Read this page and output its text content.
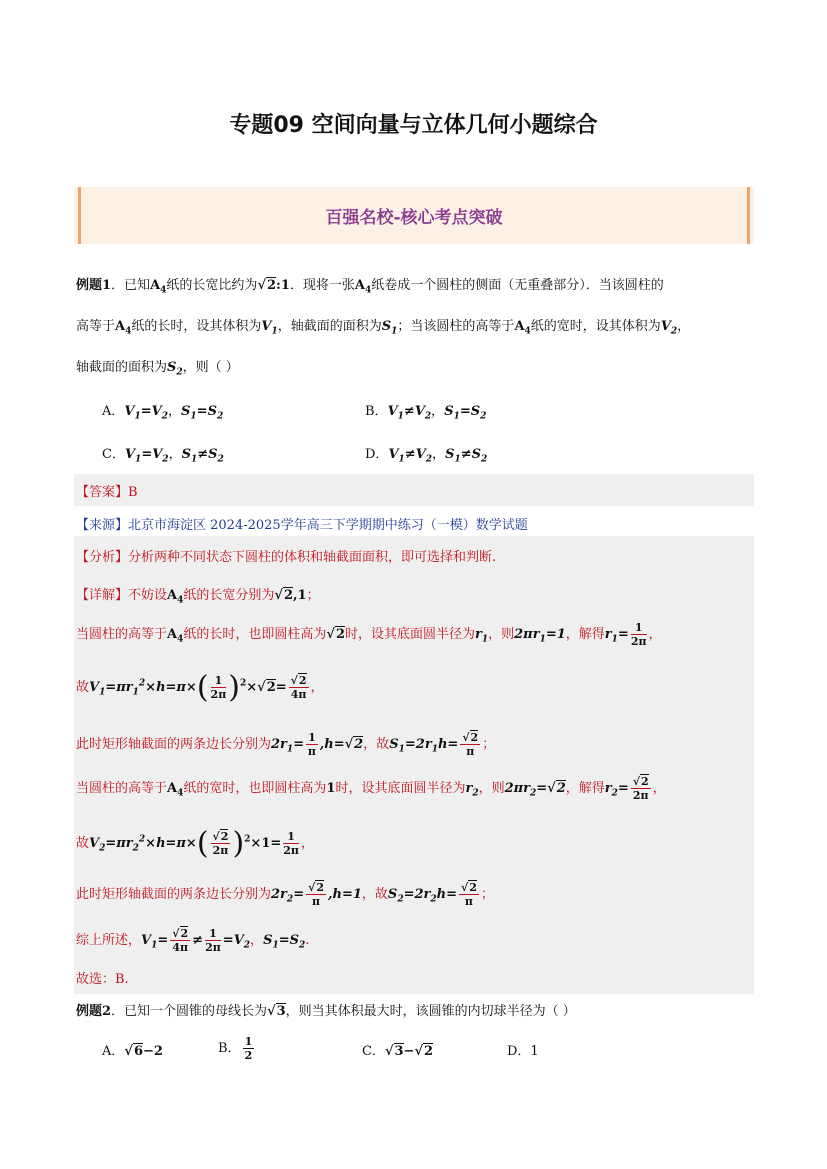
专题09 空间向量与立体几何小题综合
百强名校-核心考点突破
例题1．已知$A_4$纸的长宽比约为√2:1．现将一张$A_4$纸卷成一个圆柱的侧面（无重叠部分）．当该圆柱的
高等于$A_4$纸的长时，设其体积为$V_1$，轴截面的面积为$S_1$；当该圆柱的高等于$A_4$纸的宽时，设其体积为$V_2$，
轴截面的面积为$S_2$，则（ ）
A．$V_1=V_2$，$S_1=S_2$	B．$V_1\ne V_2$，$S_1=S_2$
C．$V_1=V_2$，$S_1\ne S_2$	D．$V_1\ne V_2$，$S_1\ne S_2$
【答案】B
【来源】北京市海淀区 2024-2025学年高三下学期期中练习（一模）数学试题
【分析】分析两种不同状态下圆柱的体积和轴截面面积，即可选择和判断.
【详解】不妨设$A_4$纸的长宽分别为√2,1；
当圆柱的高等于$A_4$纸的长时，也即圆柱高为√2时，设其底面圆半径为$r_1$，则$2\pi r_1=1$，解得$r_1= \frac{1}{2\pi}$ ，
故$V_1=\pi r_1^2\times h=\pi\times( \frac{1}{2\pi} )^2\times√2= \frac{√2}{4\pi}$ ，
此时矩形轴截面的两条边长分别为$2r_1= \frac{1}{\pi} ,h=√2$，故$S_1=2r_1h= \frac{√2}{\pi}$ ；
当圆柱的高等于$A_4$纸的宽时，也即圆柱高为1时，设其底面圆半径为$r_2$，则$2\pi r_2=√2$，解得$r_2= \frac{√2}{2\pi}$ ，
故$V_2=\pi r_2^2\times h=\pi\times( \frac{√2}{2\pi} )^2\times 1= \frac{1}{2\pi}$ ，
此时矩形轴截面的两条边长分别为$2r_2= \frac{√2}{\pi} ,h=1$，故$S_2=2r_2h= \frac{√2}{\pi}$ ；
综上所述，$V_1= \frac{√2}{4\pi} \ne \frac{1}{2\pi} =V_2$，$S_1=S_2$.
故选：B.
例题2．已知一个圆锥的母线长为√3，则当其体积最大时，该圆锥的内切球半径为（ ）
A．√6−2	B． $\frac{1}{2}$	C．√3−√2	D．1
